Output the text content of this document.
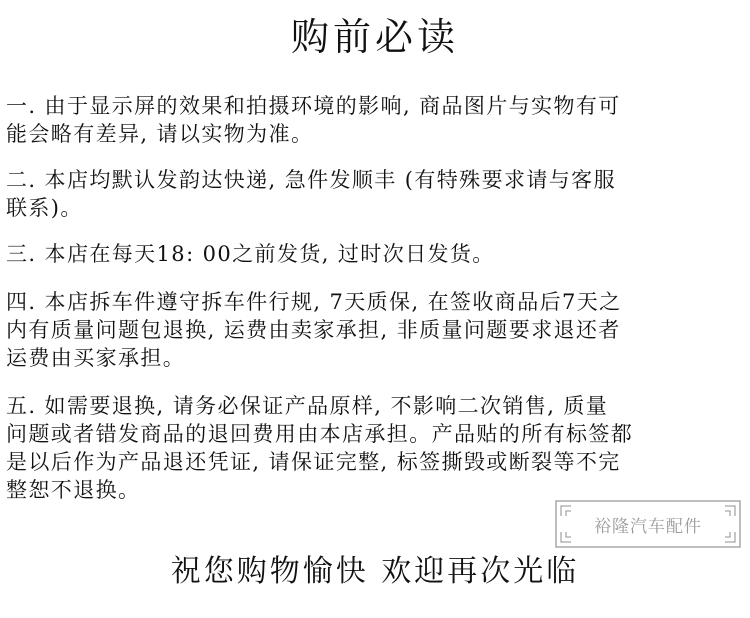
购前必读
一. 由于显示屏的效果和拍摄环境的影响, 商品图片与实物有可
能会略有差异, 请以实物为准。
二. 本店均默认发韵达快递, 急件发顺丰 (有特殊要求请与客服
联系)。
三. 本店在每天18: 00之前发货, 过时次日发货。
四. 本店拆车件遵守拆车件行规, 7天质保, 在签收商品后7天之
内有质量问题包退换, 运费由卖家承担, 非质量问题要求退还者
运费由买家承担。
五. 如需要退换, 请务必保证产品原样, 不影响二次销售, 质量
问题或者错发商品的退回费用由本店承担。产品贴的所有标签都
是以后作为产品退还凭证, 请保证完整, 标签撕毁或断裂等不完
整恕不退换。
裕隆汽车配件
祝您购物愉快 欢迎再次光临
